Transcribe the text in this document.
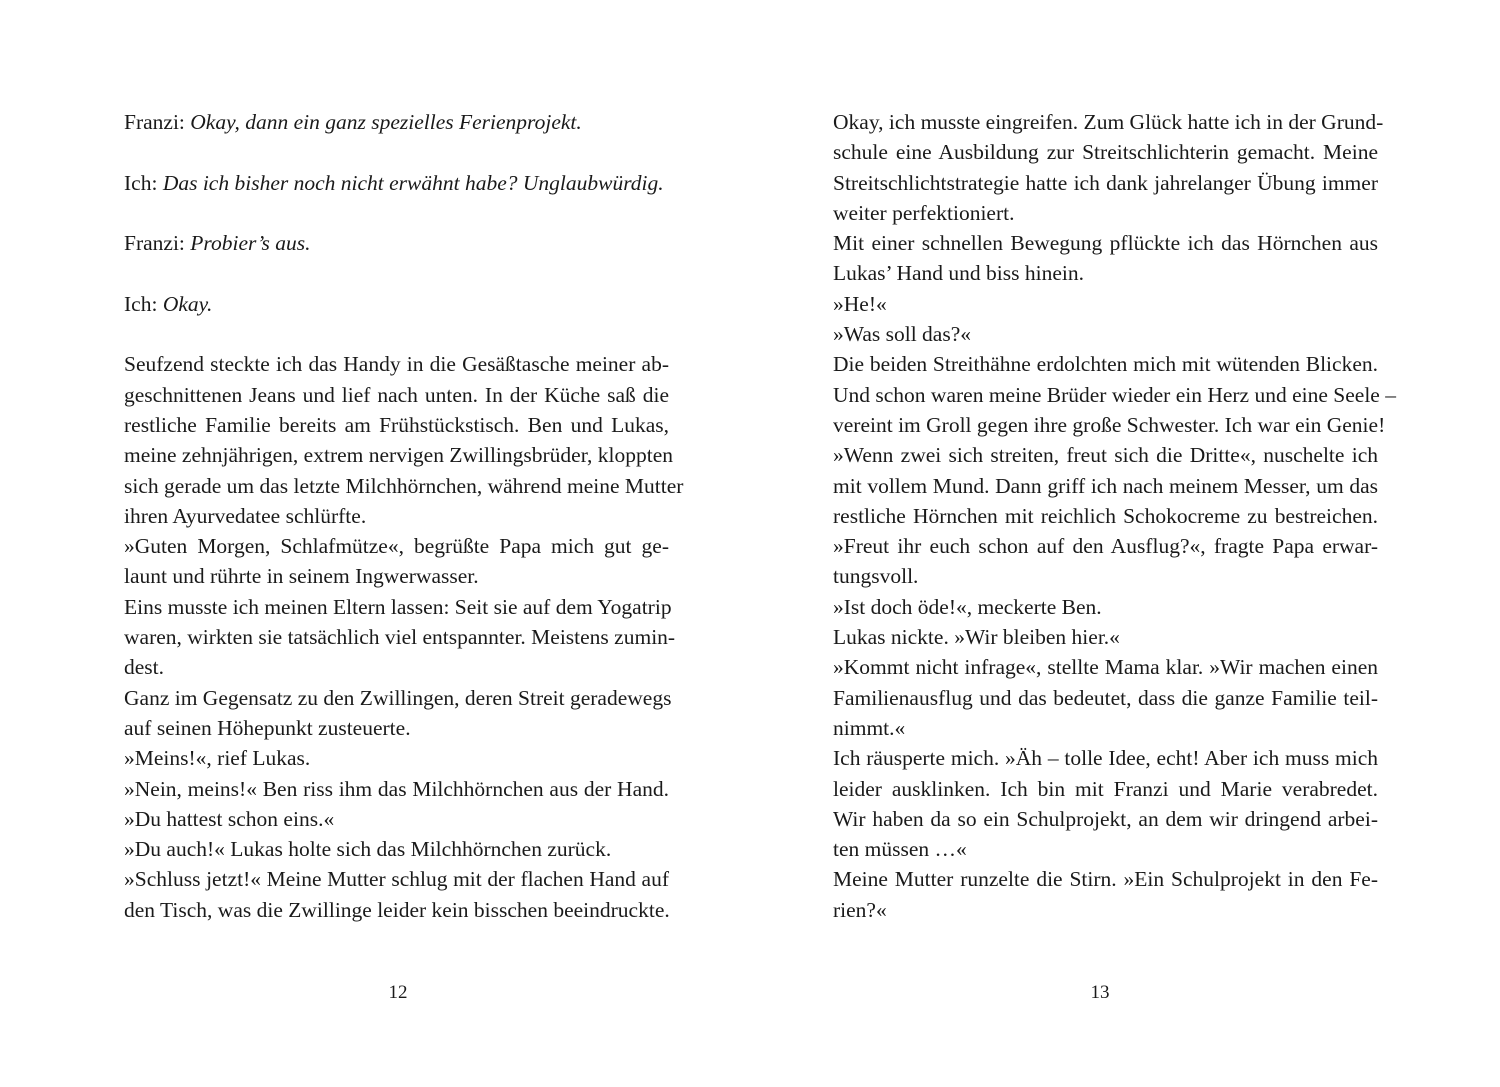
Franzi: Okay, dann ein ganz spezielles Ferienprojekt.
Ich: Das ich bisher noch nicht erwähnt habe? Unglaubwürdig.
Franzi: Probier’s aus.
Ich: Okay.
Seufzend steckte ich das Handy in die Gesäßtasche meiner ab-
geschnittenen Jeans und lief nach unten. In der Küche saß die
restliche Familie bereits am Frühstückstisch. Ben und Lukas,
meine zehnjährigen, extrem nervigen Zwillingsbrüder, kloppten
sich gerade um das letzte Milchhörnchen, während meine Mutter
ihren Ayurvedatee schlürfte.
»Guten Morgen, Schlafmütze«, begrüßte Papa mich gut ge-
launt und rührte in seinem Ingwerwasser.
Eins musste ich meinen Eltern lassen: Seit sie auf dem Yogatrip
waren, wirkten sie tatsächlich viel entspannter. Meistens zumin-
dest.
Ganz im Gegensatz zu den Zwillingen, deren Streit geradewegs
auf seinen Höhepunkt zusteuerte.
»Meins!«, rief Lukas.
»Nein, meins!« Ben riss ihm das Milchhörnchen aus der Hand.
»Du hattest schon eins.«
»Du auch!« Lukas holte sich das Milchhörnchen zurück.
»Schluss jetzt!« Meine Mutter schlug mit der flachen Hand auf
den Tisch, was die Zwillinge leider kein bisschen beeindruckte.
12
Okay, ich musste eingreifen. Zum Glück hatte ich in der Grund-
schule eine Ausbildung zur Streitschlichterin gemacht. Meine
Streitschlichtstrategie hatte ich dank jahrelanger Übung immer
weiter perfektioniert.
Mit einer schnellen Bewegung pflückte ich das Hörnchen aus
Lukas’ Hand und biss hinein.
»He!«
»Was soll das?«
Die beiden Streithähne erdolchten mich mit wütenden Blicken.
Und schon waren meine Brüder wieder ein Herz und eine Seele –
vereint im Groll gegen ihre große Schwester. Ich war ein Genie!
»Wenn zwei sich streiten, freut sich die Dritte«, nuschelte ich
mit vollem Mund. Dann griff ich nach meinem Messer, um das
restliche Hörnchen mit reichlich Schokocreme zu bestreichen.
»Freut ihr euch schon auf den Ausflug?«, fragte Papa erwar-
tungsvoll.
»Ist doch öde!«, meckerte Ben.
Lukas nickte. »Wir bleiben hier.«
»Kommt nicht infrage«, stellte Mama klar. »Wir machen einen
Familienausflug und das bedeutet, dass die ganze Familie teil-
nimmt.«
Ich räusperte mich. »Äh – tolle Idee, echt! Aber ich muss mich
leider ausklinken. Ich bin mit Franzi und Marie verabredet.
Wir haben da so ein Schulprojekt, an dem wir dringend arbei-
ten müssen …«
Meine Mutter runzelte die Stirn. »Ein Schulprojekt in den Fe-
rien?«
13
